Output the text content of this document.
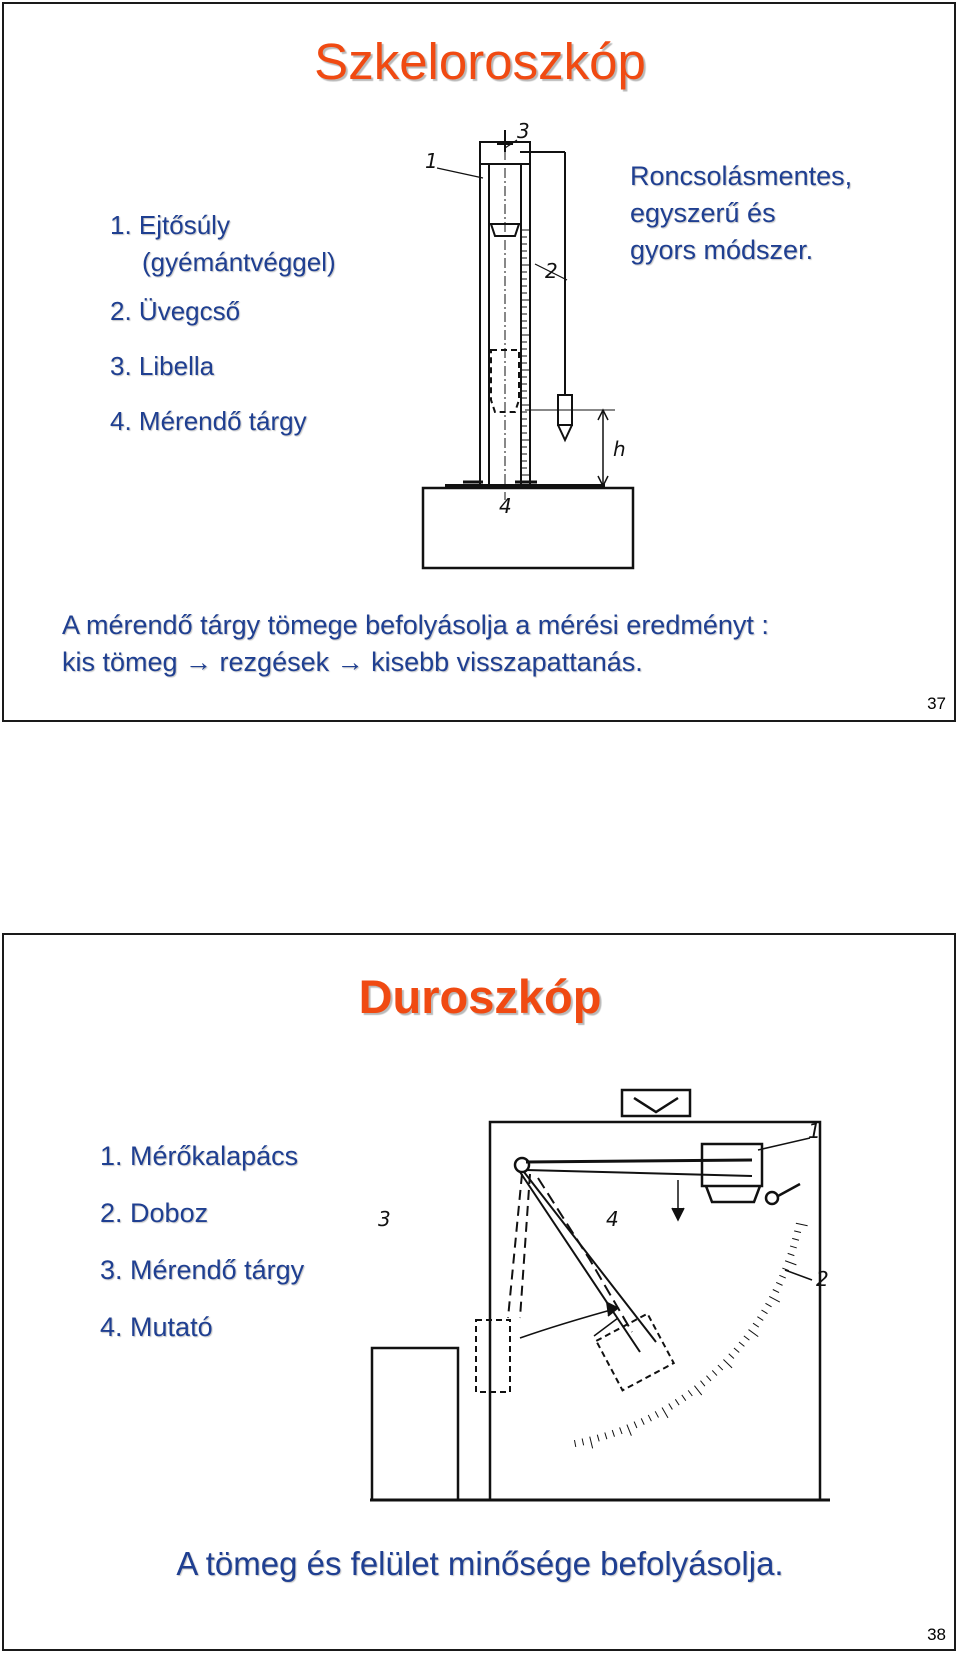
Szkeloroszkóp
1. Ejtősúly
(gyémántvéggel)
2. Üvegcső
3. Libella
4. Mérendő tárgy
Roncsolásmentes,
egyszerű és
gyors módszer.
1
3
2
4
h
A mérendő tárgy tömege befolyásolja a mérési eredményt :
kis tömeg → rezgések → kisebb visszapattanás.
37
Duroszkóp
1. Mérőkalapács
2. Doboz
3. Mérendő tárgy
4. Mutató
1
2
3	4
A tömeg és felület minősége befolyásolja.
38
